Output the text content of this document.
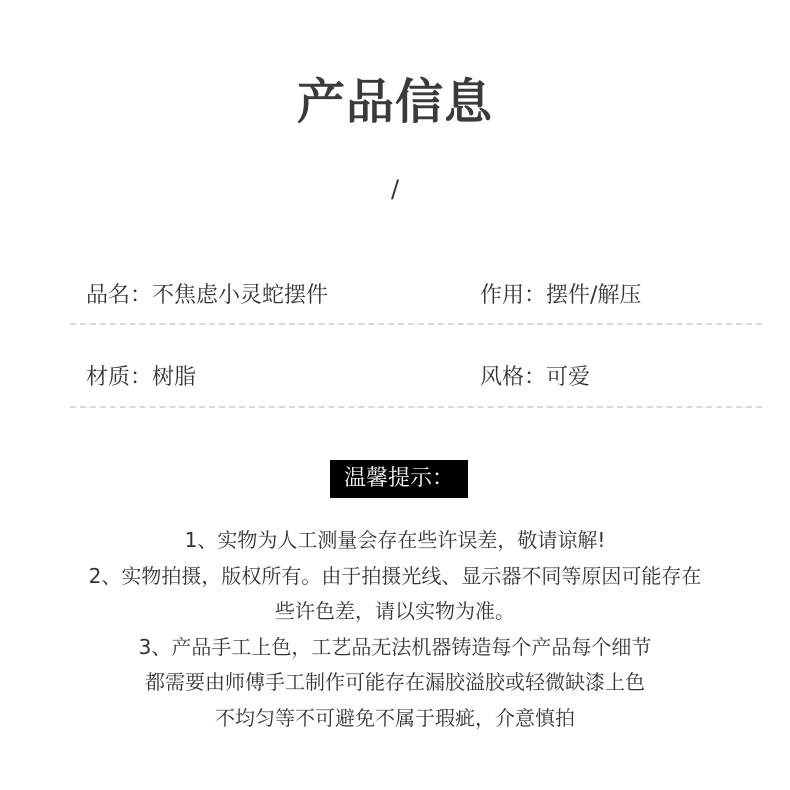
产品信息
/
品名：不焦虑小灵蛇摆件	作用：摆件/解压
材质：树脂	风格：可爱
温馨提示：
1、实物为人工测量会存在些许误差，敬请谅解!
2、实物拍摄，版权所有。由于拍摄光线、显示器不同等原因可能存在
些许色差，请以实物为准。
3、产品手工上色，工艺品无法机器铸造每个产品每个细节
都需要由师傅手工制作可能存在漏胶溢胶或轻微缺漆上色
不均匀等不可避免不属于瑕疵，介意慎拍
